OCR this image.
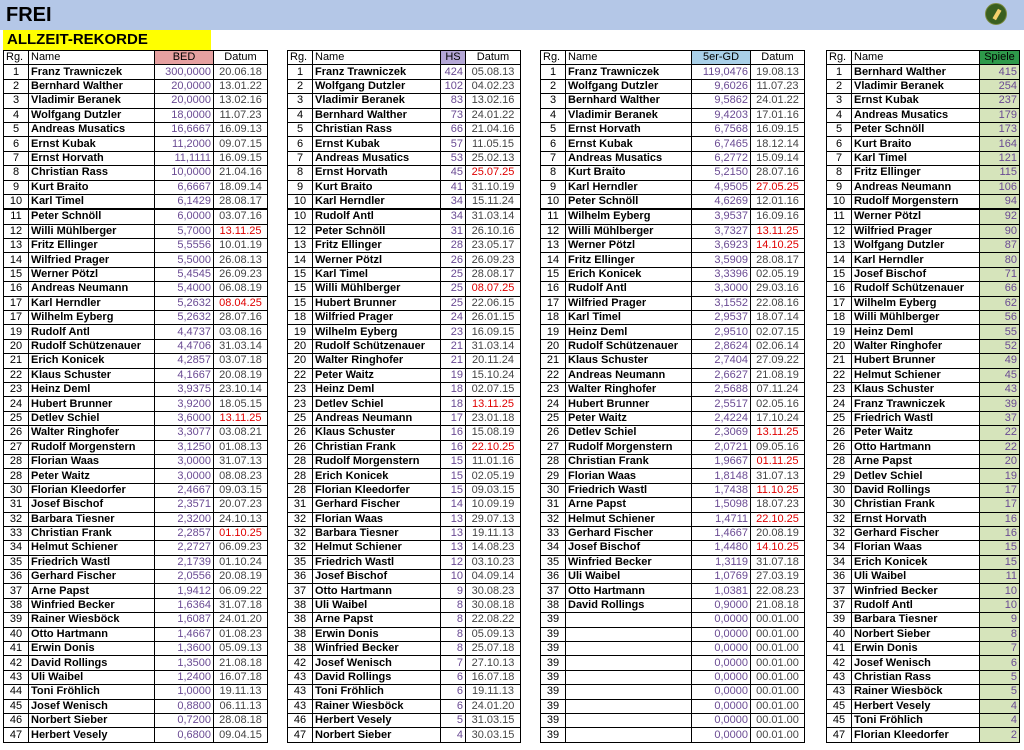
FREI
ALLZEIT-REKORDE
Rg.	Name	BED	Datum
1	Franz Trawniczek	300,0000	20.06.18
2	Bernhard Walther	20,0000	13.01.22
3	Vladimir Beranek	20,0000	13.02.16
4	Wolfgang Dutzler	18,0000	11.07.23
5	Andreas Musatics	16,6667	16.09.13
6	Ernst Kubak	11,2000	09.07.15
7	Ernst Horvath	11,1111	16.09.15
8	Christian Rass	10,0000	21.04.16
9	Kurt Braito	6,6667	18.09.14
10	Karl Timel	6,1429	28.08.17
11	Peter Schnöll	6,0000	03.07.16
12	Willi Mühlberger	5,7000	13.11.25
13	Fritz Ellinger	5,5556	10.01.19
14	Wilfried Prager	5,5000	26.08.13
15	Werner Pötzl	5,4545	26.09.23
16	Andreas Neumann	5,4000	06.08.19
17	Karl Herndler	5,2632	08.04.25
17	Wilhelm Eyberg	5,2632	28.07.16
19	Rudolf Antl	4,4737	03.08.16
20	Rudolf Schützenauer	4,4706	31.03.14
21	Erich Konicek	4,2857	03.07.18
22	Klaus Schuster	4,1667	20.08.19
23	Heinz Deml	3,9375	23.10.14
24	Hubert Brunner	3,9200	18.05.15
25	Detlev Schiel	3,6000	13.11.25
26	Walter Ringhofer	3,3077	03.08.21
27	Rudolf Morgenstern	3,1250	01.08.13
28	Florian Waas	3,0000	31.07.13
28	Peter Waitz	3,0000	08.08.23
30	Florian Kleedorfer	2,4667	09.03.15
31	Josef Bischof	2,3571	20.07.23
32	Barbara Tiesner	2,3200	24.10.13
33	Christian Frank	2,2857	01.10.25
34	Helmut Schiener	2,2727	06.09.23
35	Friedrich Wastl	2,1739	01.10.24
36	Gerhard Fischer	2,0556	20.08.19
37	Arne Papst	1,9412	06.09.22
38	Winfried Becker	1,6364	31.07.18
39	Rainer Wiesböck	1,6087	24.01.20
40	Otto Hartmann	1,4667	01.08.23
41	Erwin Donis	1,3600	05.09.13
42	David Rollings	1,3500	21.08.18
43	Uli Waibel	1,2400	16.07.18
44	Toni Fröhlich	1,0000	19.11.13
45	Josef Wenisch	0,8800	06.11.13
46	Norbert Sieber	0,7200	28.08.18
47	Herbert Vesely	0,6800	09.04.15
Rg.	Name	HS	Datum
1	Franz Trawniczek	424	05.08.13
2	Wolfgang Dutzler	102	04.02.23
3	Vladimir Beranek	83	13.02.16
4	Bernhard Walther	73	24.01.22
5	Christian Rass	66	21.04.16
6	Ernst Kubak	57	11.05.15
7	Andreas Musatics	53	25.02.13
8	Ernst Horvath	45	25.07.25
9	Kurt Braito	41	31.10.19
10	Karl Herndler	34	15.11.24
10	Rudolf Antl	34	31.03.14
12	Peter Schnöll	31	26.10.16
13	Fritz Ellinger	28	23.05.17
14	Werner Pötzl	26	26.09.23
15	Karl Timel	25	28.08.17
15	Willi Mühlberger	25	08.07.25
15	Hubert Brunner	25	22.06.15
18	Wilfried Prager	24	26.01.15
19	Wilhelm Eyberg	23	16.09.15
20	Rudolf Schützenauer	21	31.03.14
20	Walter Ringhofer	21	20.11.24
22	Peter Waitz	19	15.10.24
23	Heinz Deml	18	02.07.15
23	Detlev Schiel	18	13.11.25
25	Andreas Neumann	17	23.01.18
26	Klaus Schuster	16	15.08.19
26	Christian Frank	16	22.10.25
28	Rudolf Morgenstern	15	11.01.16
28	Erich Konicek	15	02.05.19
28	Florian Kleedorfer	15	09.03.15
31	Gerhard Fischer	14	10.09.19
32	Florian Waas	13	29.07.13
32	Barbara Tiesner	13	19.11.13
32	Helmut Schiener	13	14.08.23
35	Friedrich Wastl	12	03.10.23
36	Josef Bischof	10	04.09.14
37	Otto Hartmann	9	30.08.23
38	Uli Waibel	8	30.08.18
38	Arne Papst	8	22.08.22
38	Erwin Donis	8	05.09.13
38	Winfried Becker	8	25.07.18
42	Josef Wenisch	7	27.10.13
43	David Rollings	6	16.07.18
43	Toni Fröhlich	6	19.11.13
43	Rainer Wiesböck	6	24.01.20
46	Herbert Vesely	5	31.03.15
47	Norbert Sieber	4	30.03.15
Rg.	Name	5er-GD	Datum
1	Franz Trawniczek	119,0476	19.08.13
2	Wolfgang Dutzler	9,6026	11.07.23
3	Bernhard Walther	9,5862	24.01.22
4	Vladimir Beranek	9,4203	17.01.16
5	Ernst Horvath	6,7568	16.09.15
6	Ernst Kubak	6,7465	18.12.14
7	Andreas Musatics	6,2772	15.09.14
8	Kurt Braito	5,2150	28.07.16
9	Karl Herndler	4,9505	27.05.25
10	Peter Schnöll	4,6269	12.01.16
11	Wilhelm Eyberg	3,9537	16.09.16
12	Willi Mühlberger	3,7327	13.11.25
13	Werner Pötzl	3,6923	14.10.25
14	Fritz Ellinger	3,5909	28.08.17
15	Erich Konicek	3,3396	02.05.19
16	Rudolf Antl	3,3000	29.03.16
17	Wilfried Prager	3,1552	22.08.16
18	Karl Timel	2,9537	18.07.14
19	Heinz Deml	2,9510	02.07.15
20	Rudolf Schützenauer	2,8624	02.06.14
21	Klaus Schuster	2,7404	27.09.22
22	Andreas Neumann	2,6627	21.08.19
23	Walter Ringhofer	2,5688	07.11.24
24	Hubert Brunner	2,5517	02.05.16
25	Peter Waitz	2,4224	17.10.24
26	Detlev Schiel	2,3069	13.11.25
27	Rudolf Morgenstern	2,0721	09.05.16
28	Christian Frank	1,9667	01.11.25
29	Florian Waas	1,8148	31.07.13
30	Friedrich Wastl	1,7438	11.10.25
31	Arne Papst	1,5098	18.07.23
32	Helmut Schiener	1,4711	22.10.25
33	Gerhard Fischer	1,4667	20.08.19
34	Josef Bischof	1,4480	14.10.25
35	Winfried Becker	1,3119	31.07.18
36	Uli Waibel	1,0769	27.03.19
37	Otto Hartmann	1,0381	22.08.23
38	David Rollings	0,9000	21.08.18
39		0,0000	00.01.00
39		0,0000	00.01.00
39		0,0000	00.01.00
39		0,0000	00.01.00
39		0,0000	00.01.00
39		0,0000	00.01.00
39		0,0000	00.01.00
39		0,0000	00.01.00
39		0,0000	00.01.00
Rg.	Name	Spiele
1	Bernhard Walther	415
2	Vladimir Beranek	254
3	Ernst Kubak	237
4	Andreas Musatics	179
5	Peter Schnöll	173
6	Kurt Braito	164
7	Karl Timel	121
8	Fritz Ellinger	115
9	Andreas Neumann	106
10	Rudolf Morgenstern	94
11	Werner Pötzl	92
12	Wilfried Prager	90
13	Wolfgang Dutzler	87
14	Karl Herndler	80
15	Josef Bischof	71
16	Rudolf Schützenauer	66
17	Wilhelm Eyberg	62
18	Willi Mühlberger	56
19	Heinz Deml	55
20	Walter Ringhofer	52
21	Hubert Brunner	49
22	Helmut Schiener	45
23	Klaus Schuster	43
24	Franz Trawniczek	39
25	Friedrich Wastl	37
26	Peter Waitz	22
26	Otto Hartmann	22
28	Arne Papst	20
29	Detlev Schiel	19
30	David Rollings	17
30	Christian Frank	17
32	Ernst Horvath	16
32	Gerhard Fischer	16
34	Florian Waas	15
34	Erich Konicek	15
36	Uli Waibel	11
37	Winfried Becker	10
37	Rudolf Antl	10
39	Barbara Tiesner	9
40	Norbert Sieber	8
41	Erwin Donis	7
42	Josef Wenisch	6
43	Christian Rass	5
43	Rainer Wiesböck	5
45	Herbert Vesely	4
45	Toni Fröhlich	4
47	Florian Kleedorfer	2
